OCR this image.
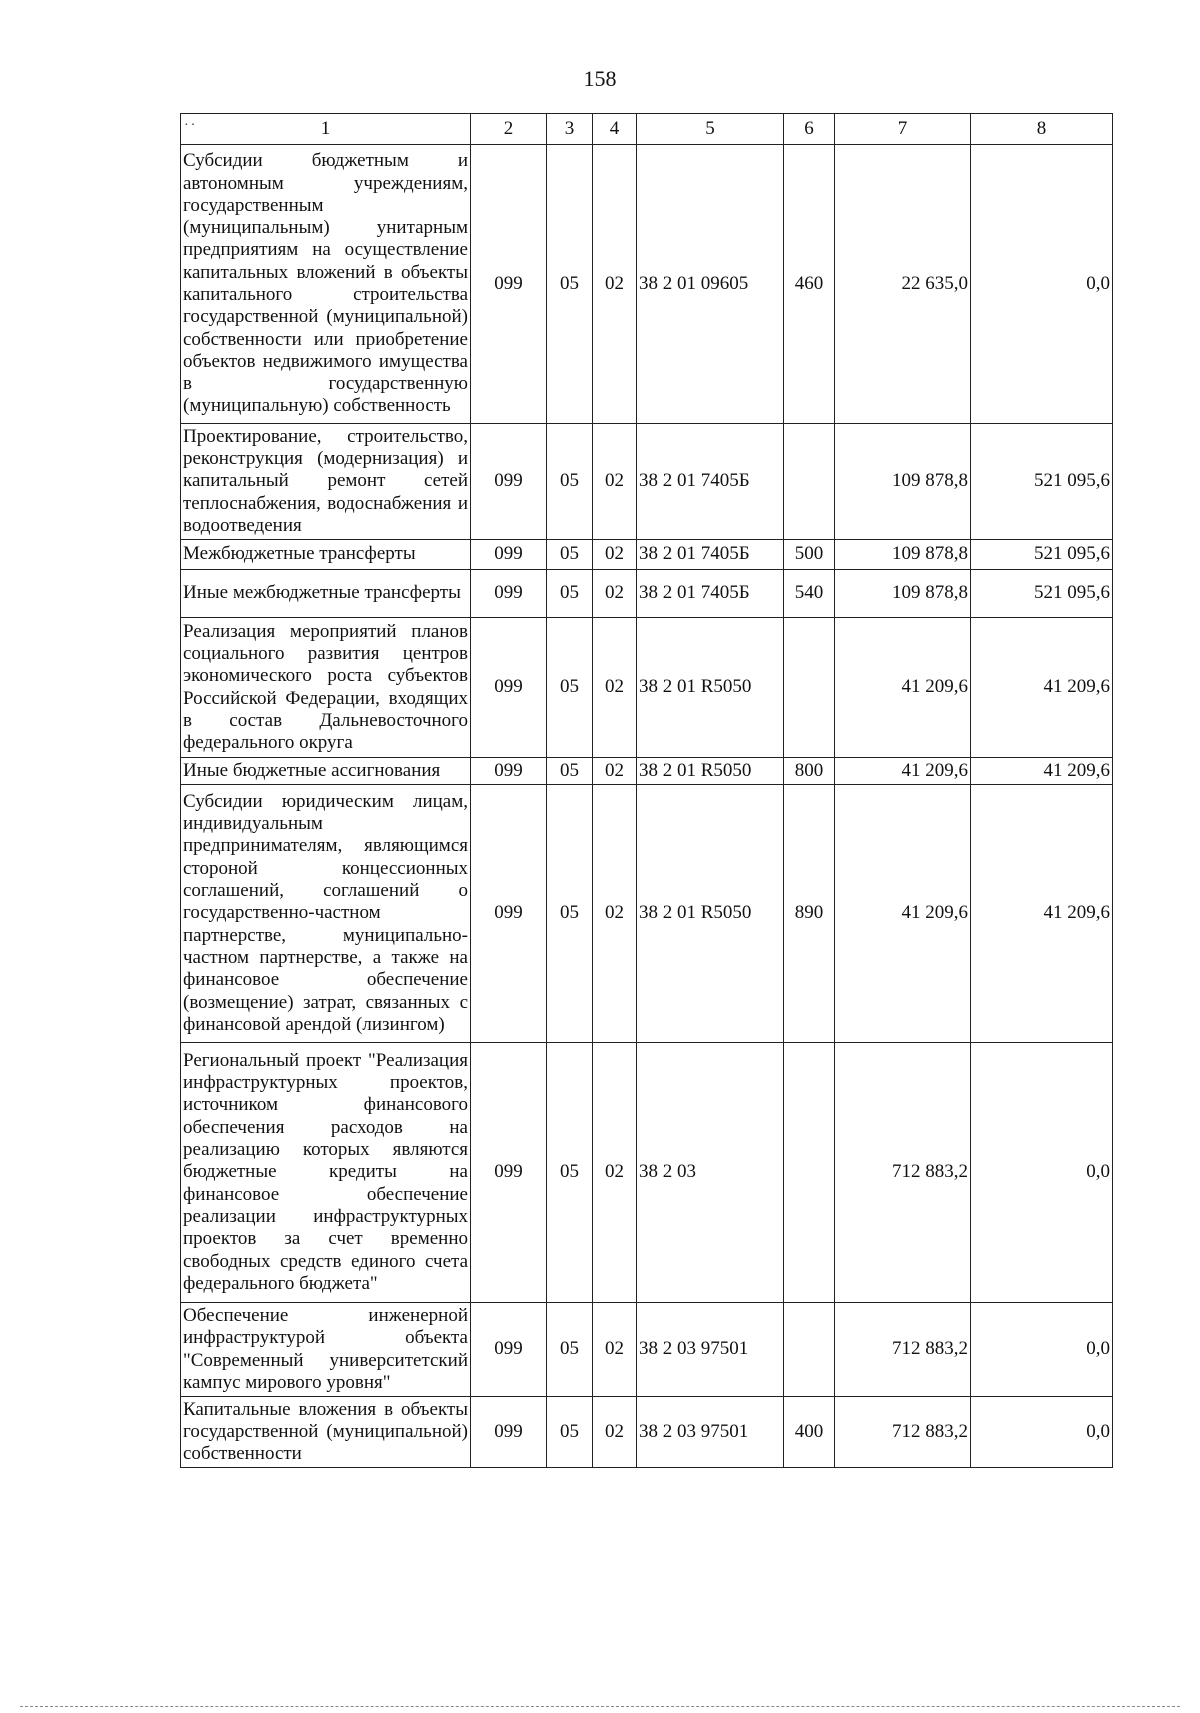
158
··	1	2	3	4	5	6	7	8
Субсидии бюджетным и автономным учреждениям, государственным (муниципальным) унитарным предприятиям на осуществление капитальных вложений в объекты капитального строительства государственной (муниципальной) собственности или приобретение объектов недвижимого имущества в государственную (муниципальную) собственность	099	05	02	38 2 01 09605	460	22 635,0	0,0
Проектирование, строительство, реконструкция (модернизация) и капитальный ремонт сетей теплоснабжения, водоснабжения и водоотведения	099	05	02	38 2 01 7405Б		109 878,8	521 095,6
Межбюджетные трансферты	099	05	02	38 2 01 7405Б	500	109 878,8	521 095,6
Иные межбюджетные трансферты	099	05	02	38 2 01 7405Б	540	109 878,8	521 095,6
Реализация мероприятий планов социального развития центров экономического роста субъектов Российской Федерации, входящих в состав Дальневосточного федерального округа	099	05	02	38 2 01 R5050		41 209,6	41 209,6
Иные бюджетные ассигнования	099	05	02	38 2 01 R5050	800	41 209,6	41 209,6
Субсидии юридическим лицам, индивидуальным предпринимателям, являющимся стороной концессионных соглашений, соглашений о государственно-частном партнерстве, муниципально-частном партнерстве, а также на финансовое обеспечение (возмещение) затрат, связанных с финансовой арендой (лизингом)	099	05	02	38 2 01 R5050	890	41 209,6	41 209,6
Региональный проект "Реализация инфраструктурных проектов, источником финансового обеспечения расходов на реализацию которых являются бюджетные кредиты на финансовое обеспечение реализации инфраструктурных проектов за счет временно свободных средств единого счета федерального бюджета"	099	05	02	38 2 03		712 883,2	0,0
Обеспечение инженерной инфраструктурой объекта "Современный университетский кампус мирового уровня"	099	05	02	38 2 03 97501		712 883,2	0,0
Капитальные вложения в объекты государственной (муниципальной) собственности	099	05	02	38 2 03 97501	400	712 883,2	0,0
